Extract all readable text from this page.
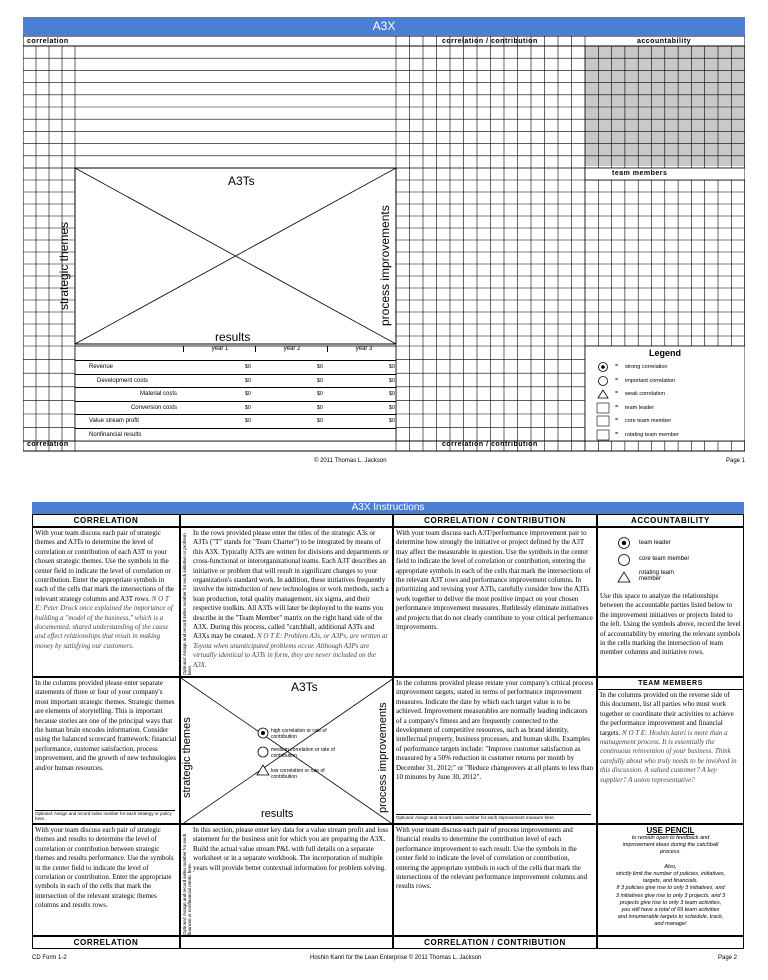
A3X
correlation	correlation / contribution	accountability
team members
A3Ts
strategic themes	process improvements
results
year 1	year 2	year 3
Revenue	$0	$0	$0
Development costs	$0	$0	$0
Material costs	$0	$0	$0
Conversion costs	$0	$0	$0
Value stream profit	$0	$0	$0
Nonfinancial results
Legend
= strong correlation
= important correlation
= weak correlation
= team leader
= core team member
= rotating team member
correlation	correlation / contribution
© 2011 Thomas L. Jackson	Page 1
A3X Instructions
CORRELATION	CORRELATION / CONTRIBUTION	ACCOUNTABILITY
With your team discuss each pair of strategic themes and A3Ts to determine the level of correlation or contribution of each A3T to your chosen strategic themes. Use the symbols in the center field to indicate the level of correlation or contribution. Enter the appropriate symbols in each of the cells that mark the intersections of the relevant strategy columns and A3T rows. N O T E: Peter Druck once explained the importance of building a "model of the business," which is a documented, shared understanding of the cause and effect relationships that result in making money by satisfying our customers.	Optional: Assign and record index number for each initiative or problem here.
In the rows provided please enter the titles of the strategic A3s or A3Ts ("T" stands for "Team Charter") to be integrated by means of this A3X. Typically A3Ts are written for divisions and departments or cross-functional or interorganizational teams. Each A3T describes an initiative or problem that will result in significant changes to your organization's standard work. In addition, these initiatives frequently involve the introduction of new technologies or work methods, such a lean production, total quality management, six sigma, and their respective toolkits. All A3Ts will later be deployed to the teams you describe in the "Team Member" matrix on the right hand side of the A3X. During this process, called "catchball, additional A3Ts and A3Xs may be created. N O T E: Problem A3s, or A3Ps, are written at Toyota when unanticipated problems occur. Although A3Ps are virtually identical to A3Ts in form, they are never included on the A3X.
With your team discuss each A3T/performance improvement pair to determine how strongly the initiative or project defined by the A3T may affect the measurable in question. Use the symbols in the center field to indicate the level of correlation or contribution, entering the appropriate symbols in each of the cells that mark the intersections of the relevant A3T rows and performance improvement columns. In prioritizing and revising your A3Ts, carefully consider how the A3Ts work together to deliver the most positive impact on your chosen performance improvement measures. Ruthlessly eliminate initiatives and projects that do not clearly contribute to your critical performance improvements.
team leader
core team member
rotating team member
Use this space to analyze the relationships between the accountable parties listed below to the improvement initiatives or projects listed to the left. Using the symbols above, record the level of accountability by entering the relevant symbols in the cells marking the intersection of team member columns and initiative rows.
In the columns provided please enter separate statements of three or four of your company's most important strategic themes. Strategic themes are elements of storytelling. This is important because stories are one of the principal ways that the human brain encodes information. Consider using the balanced scorecard framework: financial performance, customer satisfaction, process improvement, and the growth of new technologies and/or human resources.
Optional: Assign and record index number for each strategy or policy here.
A3Ts
strategic themes	process improvements
results
high correlation or rate of contribution
medium correlation or rate of contribution
low correlation or rate of contribution
In the columns provided please restate your company's critical process improvement targets, stated in terms of performance improvement measures. Indicate the date by which each target value is to be achieved. Improvement measurables are normally leading indicators of a company's fitness and are frequently connected to the development of competitive resources, such as brand identity, intellectual property, business processes, and human skills. Examples of performance targets include: "Improve customer satisfaction as measured by a 50% reduction in customer returns per month by December 31, 2012;" or "Reduce changeovers at all plants to less than 10 minutes by June 30, 2012".
Optional: Assign and record index number for each improvement measure here.
TEAM MEMBERS
In the columns provided on the reverse side of this document, list all parties who must work together or coordinate their activities to achieve the performance improvement and financial targets. N O T E: Hoshin kanri is more than a management process. It is essentially the continuous reinvention of your business. Think carefully about who truly needs to be involved in this discussion. A valued customer? A key supplier? A union representative?
With your team discuss each pair of strategic themes and results to determine the level of correlation or contribution between strategic themes and results performance. Use the symbols in the center field to indicate the level of correlation or contribution. Enter the appropriate symbols in each of the cells that mark the intersection of the relevant strategic themes columns and results rows.	Optional: Assign and record index number for each financial or nonfinancial metric here.
In this section, please enter key data for a value stream profit and loss statement for the business unit for which you are preparing the A3X. Build the actual value stream P&L with full details on a separate worksheet or in a separate workbook. The incorporation of multiple years will provide better contextual information for problem solving.
With your team discuss each pair of process improvements and financial results to determine the contribution level of each performance improvement to each result. Use the symbols in the center field to indicate the level of correlation or contribution, entering the appropriate symbols in each of the cells that mark the intersections of the relevant performance improvement columns and results rows.
USE PENCIL
to remain open to feedback and
improvement ideas during the catchball
process.

Also,
strictly limit the number of policies, initiatives,
targets, and financials.
If 3 policies give rise to only 3 initiatives, and
3 initiatives give rise to only 3 projects, and 3
projects give rise to only 3 team activities,
you will have a total of 69 team activities
and innumerable targets to schedule, track,
and manage!
CORRELATION	CORRELATION / CONTRIBUTION
CD Form 1-2	Hoshin Kanri for the Lean Enterprise © 2011 Thomas L. Jackson	Page 2
